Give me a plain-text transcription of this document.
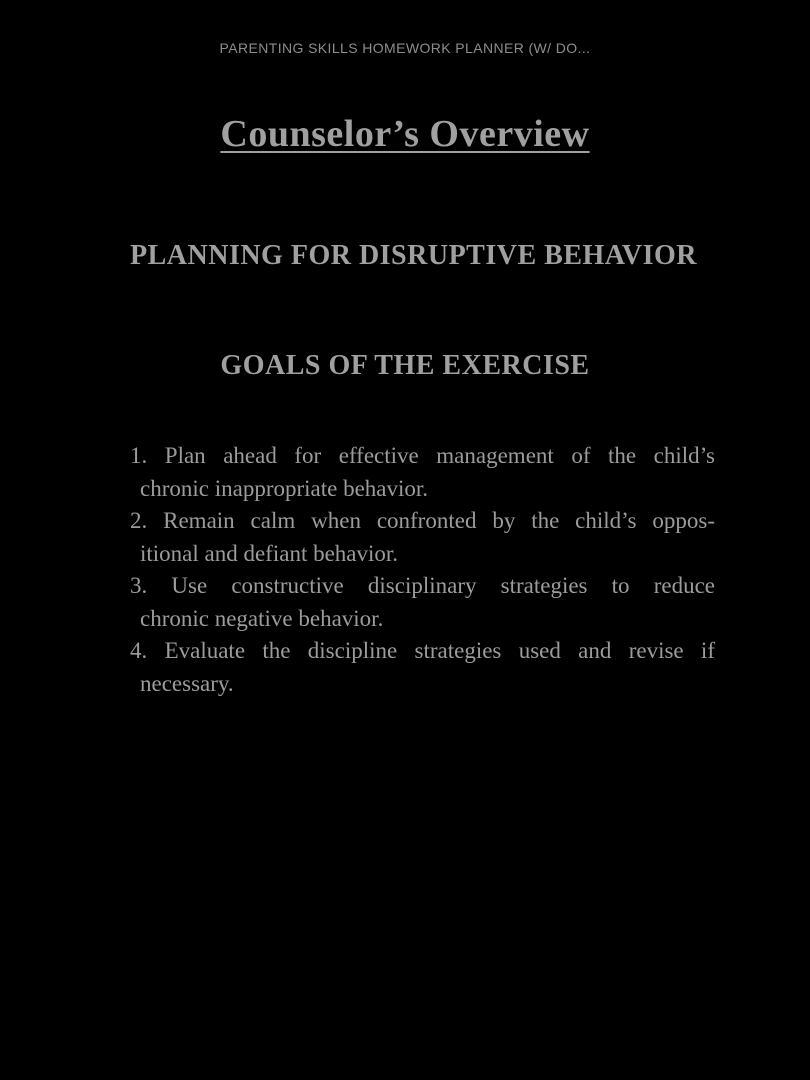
PARENTING SKILLS HOMEWORK PLANNER (W/ DO...
Counselor’s Overview
PLANNING FOR DISRUPTIVE BEHAVIOR
GOALS OF THE EXERCISE
1. Plan ahead for effective management of the child’s
chronic inappropriate behavior.
2. Remain calm when confronted by the child’s oppos-
itional and defiant behavior.
3. Use constructive disciplinary strategies to reduce
chronic negative behavior.
4. Evaluate the discipline strategies used and revise if
necessary.
